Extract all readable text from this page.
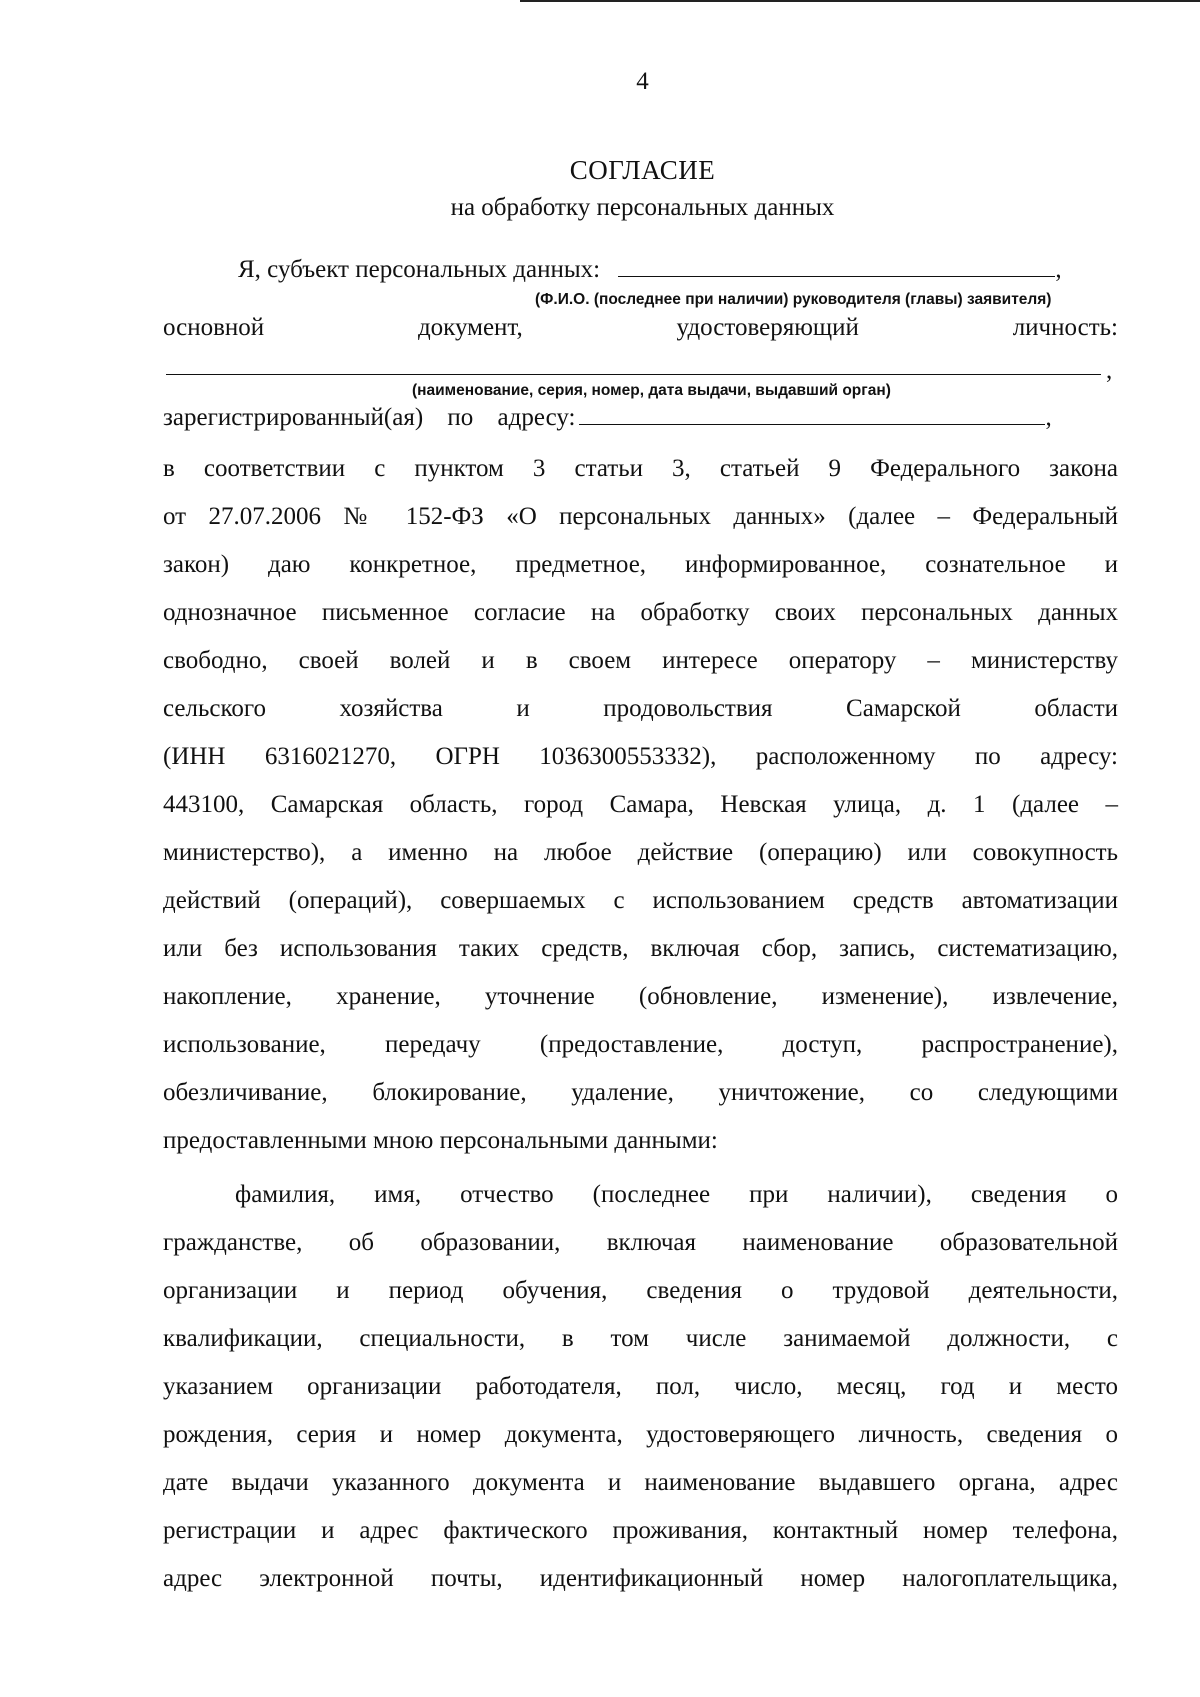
4
СОГЛАСИЕ
на обработку персональных данных
Я, субъект персональных данных:	,
(Ф.И.О. (последнее при наличии) руководителя (главы) заявителя)
основной	документ,	удостоверяющий	личность:
,
(наименование, серия, номер, дата выдачи, выдавший орган)
зарегистрированный(ая) по адресу:	,
в соответствии с пунктом 3 статьи 3, статьей 9 Федерального закона
от 27.07.2006 № 152-ФЗ «О персональных данных» (далее – Федеральный
закон) даю конкретное, предметное, информированное, сознательное и
однозначное письменное согласие на обработку своих персональных данных
свободно, своей волей и в своем интересе оператору – министерству
сельского хозяйства и продовольствия Самарской области
(ИНН 6316021270, ОГРН 1036300553332), расположенному по адресу:
443100, Самарская область, город Самара, Невская улица, д. 1 (далее –
министерство), а именно на любое действие (операцию) или совокупность
действий (операций), совершаемых с использованием средств автоматизации
или без использования таких средств, включая сбор, запись, систематизацию,
накопление, хранение, уточнение (обновление, изменение), извлечение,
использование, передачу (предоставление, доступ, распространение),
обезличивание, блокирование, удаление, уничтожение, со следующими
предоставленными мною персональными данными:
фамилия, имя, отчество (последнее при наличии), сведения о
гражданстве, об образовании, включая наименование образовательной
организации и период обучения, сведения о трудовой деятельности,
квалификации, специальности, в том числе занимаемой должности, с
указанием организации работодателя, пол, число, месяц, год и место
рождения, серия и номер документа, удостоверяющего личность, сведения о
дате выдачи указанного документа и наименование выдавшего органа, адрес
регистрации и адрес фактического проживания, контактный номер телефона,
адрес электронной почты, идентификационный номер налогоплательщика,
